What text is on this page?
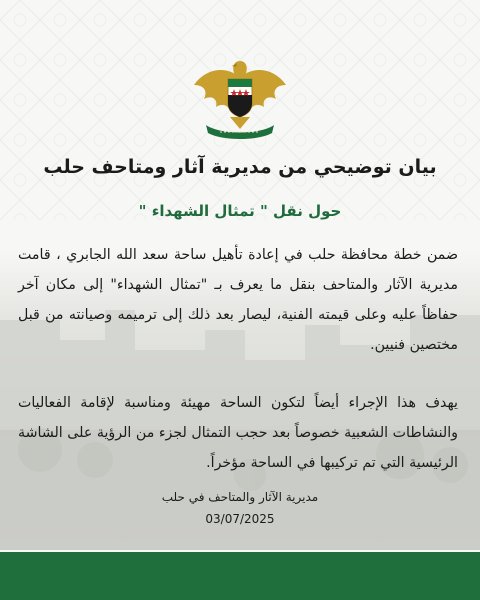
بيان توضيحي من مديرية آثار ومتاحف حلب
حول نقل " تمثال الشهداء "

ضمن خطة محافظة حلب في إعادة تأهيل ساحة سعد الله الجابري ، قامت مديرية الآثار والمتاحف بنقل ما يعرف بـ "تمثال الشهداء" إلى مكان آخر حفاظاً عليه وعلى قيمته الفنية، ليصار بعد ذلك إلى ترميمه وصيانته من قبل مختصين فنيين.

يهدف هذا الإجراء أيضاً لتكون الساحة مهيئة ومناسبة لإقامة الفعاليات والنشاطات الشعبية خصوصاً بعد حجب التمثال لجزء من الرؤية على الشاشة الرئيسية التي تم تركيبها في الساحة مؤخراً.

مديرية الآثار والمتاحف في حلب
03/07/2025
